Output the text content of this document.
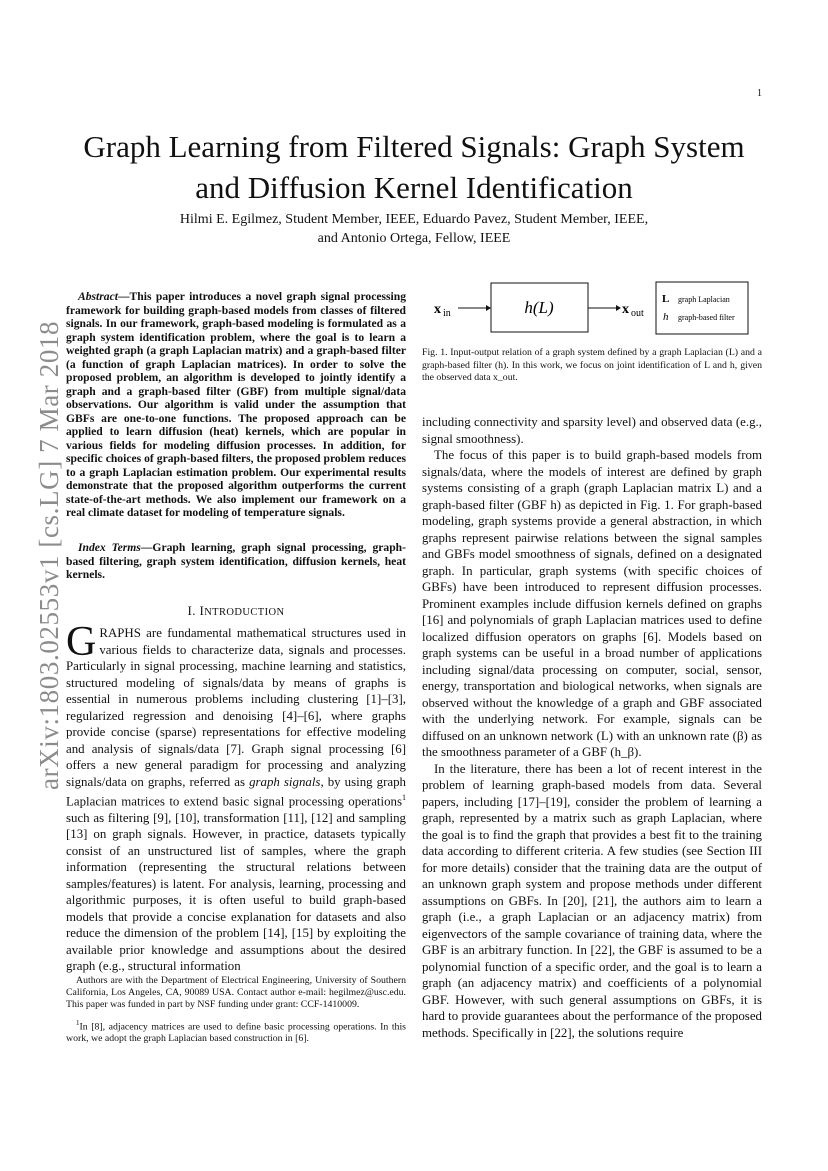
1
arXiv:1803.02553v1 [cs.LG] 7 Mar 2018
Graph Learning from Filtered Signals: Graph System and Diffusion Kernel Identification
Hilmi E. Egilmez, Student Member, IEEE, Eduardo Pavez, Student Member, IEEE,
and Antonio Ortega, Fellow, IEEE

Abstract—This paper introduces a novel graph signal processing framework for building graph-based models from classes of filtered signals. In our framework, graph-based modeling is formulated as a graph system identification problem, where the goal is to learn a weighted graph (a graph Laplacian matrix) and a graph-based filter (a function of graph Laplacian matrices). In order to solve the proposed problem, an algorithm is developed to jointly identify a graph and a graph-based filter (GBF) from multiple signal/data observations. Our algorithm is valid under the assumption that GBFs are one-to-one functions. The proposed approach can be applied to learn diffusion (heat) kernels, which are popular in various fields for modeling diffusion processes. In addition, for specific choices of graph-based filters, the proposed problem reduces to a graph Laplacian estimation problem. Our experimental results demonstrate that the proposed algorithm outperforms the current state-of-the-art methods. We also implement our framework on a real climate dataset for modeling of temperature signals.

Index Terms—Graph learning, graph signal processing, graph-based filtering, graph system identification, diffusion kernels, heat kernels.
I. INTRODUCTION

GRAPHS are fundamental mathematical structures used in various fields to characterize data, signals and processes. Particularly in signal processing, machine learning and statistics, structured modeling of signals/data by means of graphs is essential in numerous problems including clustering [1]–[3], regularized regression and denoising [4]–[6], where graphs provide concise (sparse) representations for effective modeling and analysis of signals/data [7]. Graph signal processing [6] offers a new general paradigm for processing and analyzing signals/data on graphs, referred as graph signals, by using graph Laplacian matrices to extend basic signal processing operations$^1$ such as filtering [9], [10], transformation [11], [12] and sampling [13] on graph signals. However, in practice, datasets typically consist of an unstructured list of samples, where the graph information (representing the structural relations between samples/features) is latent. For analysis, learning, processing and algorithmic purposes, it is often useful to build graph-based models that provide a concise explanation for datasets and also reduce the dimension of the problem [14], [15] by exploiting the available prior knowledge and assumptions about the desired graph (e.g., structural information

Authors are with the Department of Electrical Engineering, University of Southern California, Los Angeles, CA, 90089 USA. Contact author e-mail: hegilmez@usc.edu. This paper was funded in part by NSF funding under grant: CCF-1410009.

$^1$In [8], adjacency matrices are used to define basic processing operations. In this work, we adopt the graph Laplacian based construction in [6].

x in	h(L)	x out
L graph Laplacian
h graph-based filter
Fig. 1. Input-output relation of a graph system defined by a graph Laplacian (L) and a graph-based filter (h). In this work, we focus on joint identification of L and h, given the observed data x_out.

including connectivity and sparsity level) and observed data (e.g., signal smoothness).

The focus of this paper is to build graph-based models from signals/data, where the models of interest are defined by graph systems consisting of a graph (graph Laplacian matrix L) and a graph-based filter (GBF h) as depicted in Fig. 1. For graph-based modeling, graph systems provide a general abstraction, in which graphs represent pairwise relations between the signal samples and GBFs model smoothness of signals, defined on a designated graph. In particular, graph systems (with specific choices of GBFs) have been introduced to represent diffusion processes. Prominent examples include diffusion kernels defined on graphs [16] and polynomials of graph Laplacian matrices used to define localized diffusion operators on graphs [6]. Models based on graph systems can be useful in a broad number of applications including signal/data processing on computer, social, sensor, energy, transportation and biological networks, when signals are observed without the knowledge of a graph and GBF associated with the underlying network. For example, signals can be diffused on an unknown network (L) with an unknown rate (β) as the smoothness parameter of a GBF (h_β).

In the literature, there has been a lot of recent interest in the problem of learning graph-based models from data. Several papers, including [17]–[19], consider the problem of learning a graph, represented by a matrix such as graph Laplacian, where the goal is to find the graph that provides a best fit to the training data according to different criteria. A few studies (see Section III for more details) consider that the training data are the output of an unknown graph system and propose methods under different assumptions on GBFs. In [20], [21], the authors aim to learn a graph (i.e., a graph Laplacian or an adjacency matrix) from eigenvectors of the sample covariance of training data, where the GBF is an arbitrary function. In [22], the GBF is assumed to be a polynomial function of a specific order, and the goal is to learn a graph (an adjacency matrix) and coefficients of a polynomial GBF. However, with such general assumptions on GBFs, it is hard to provide guarantees about the performance of the proposed methods. Specifically in [22], the solutions require
